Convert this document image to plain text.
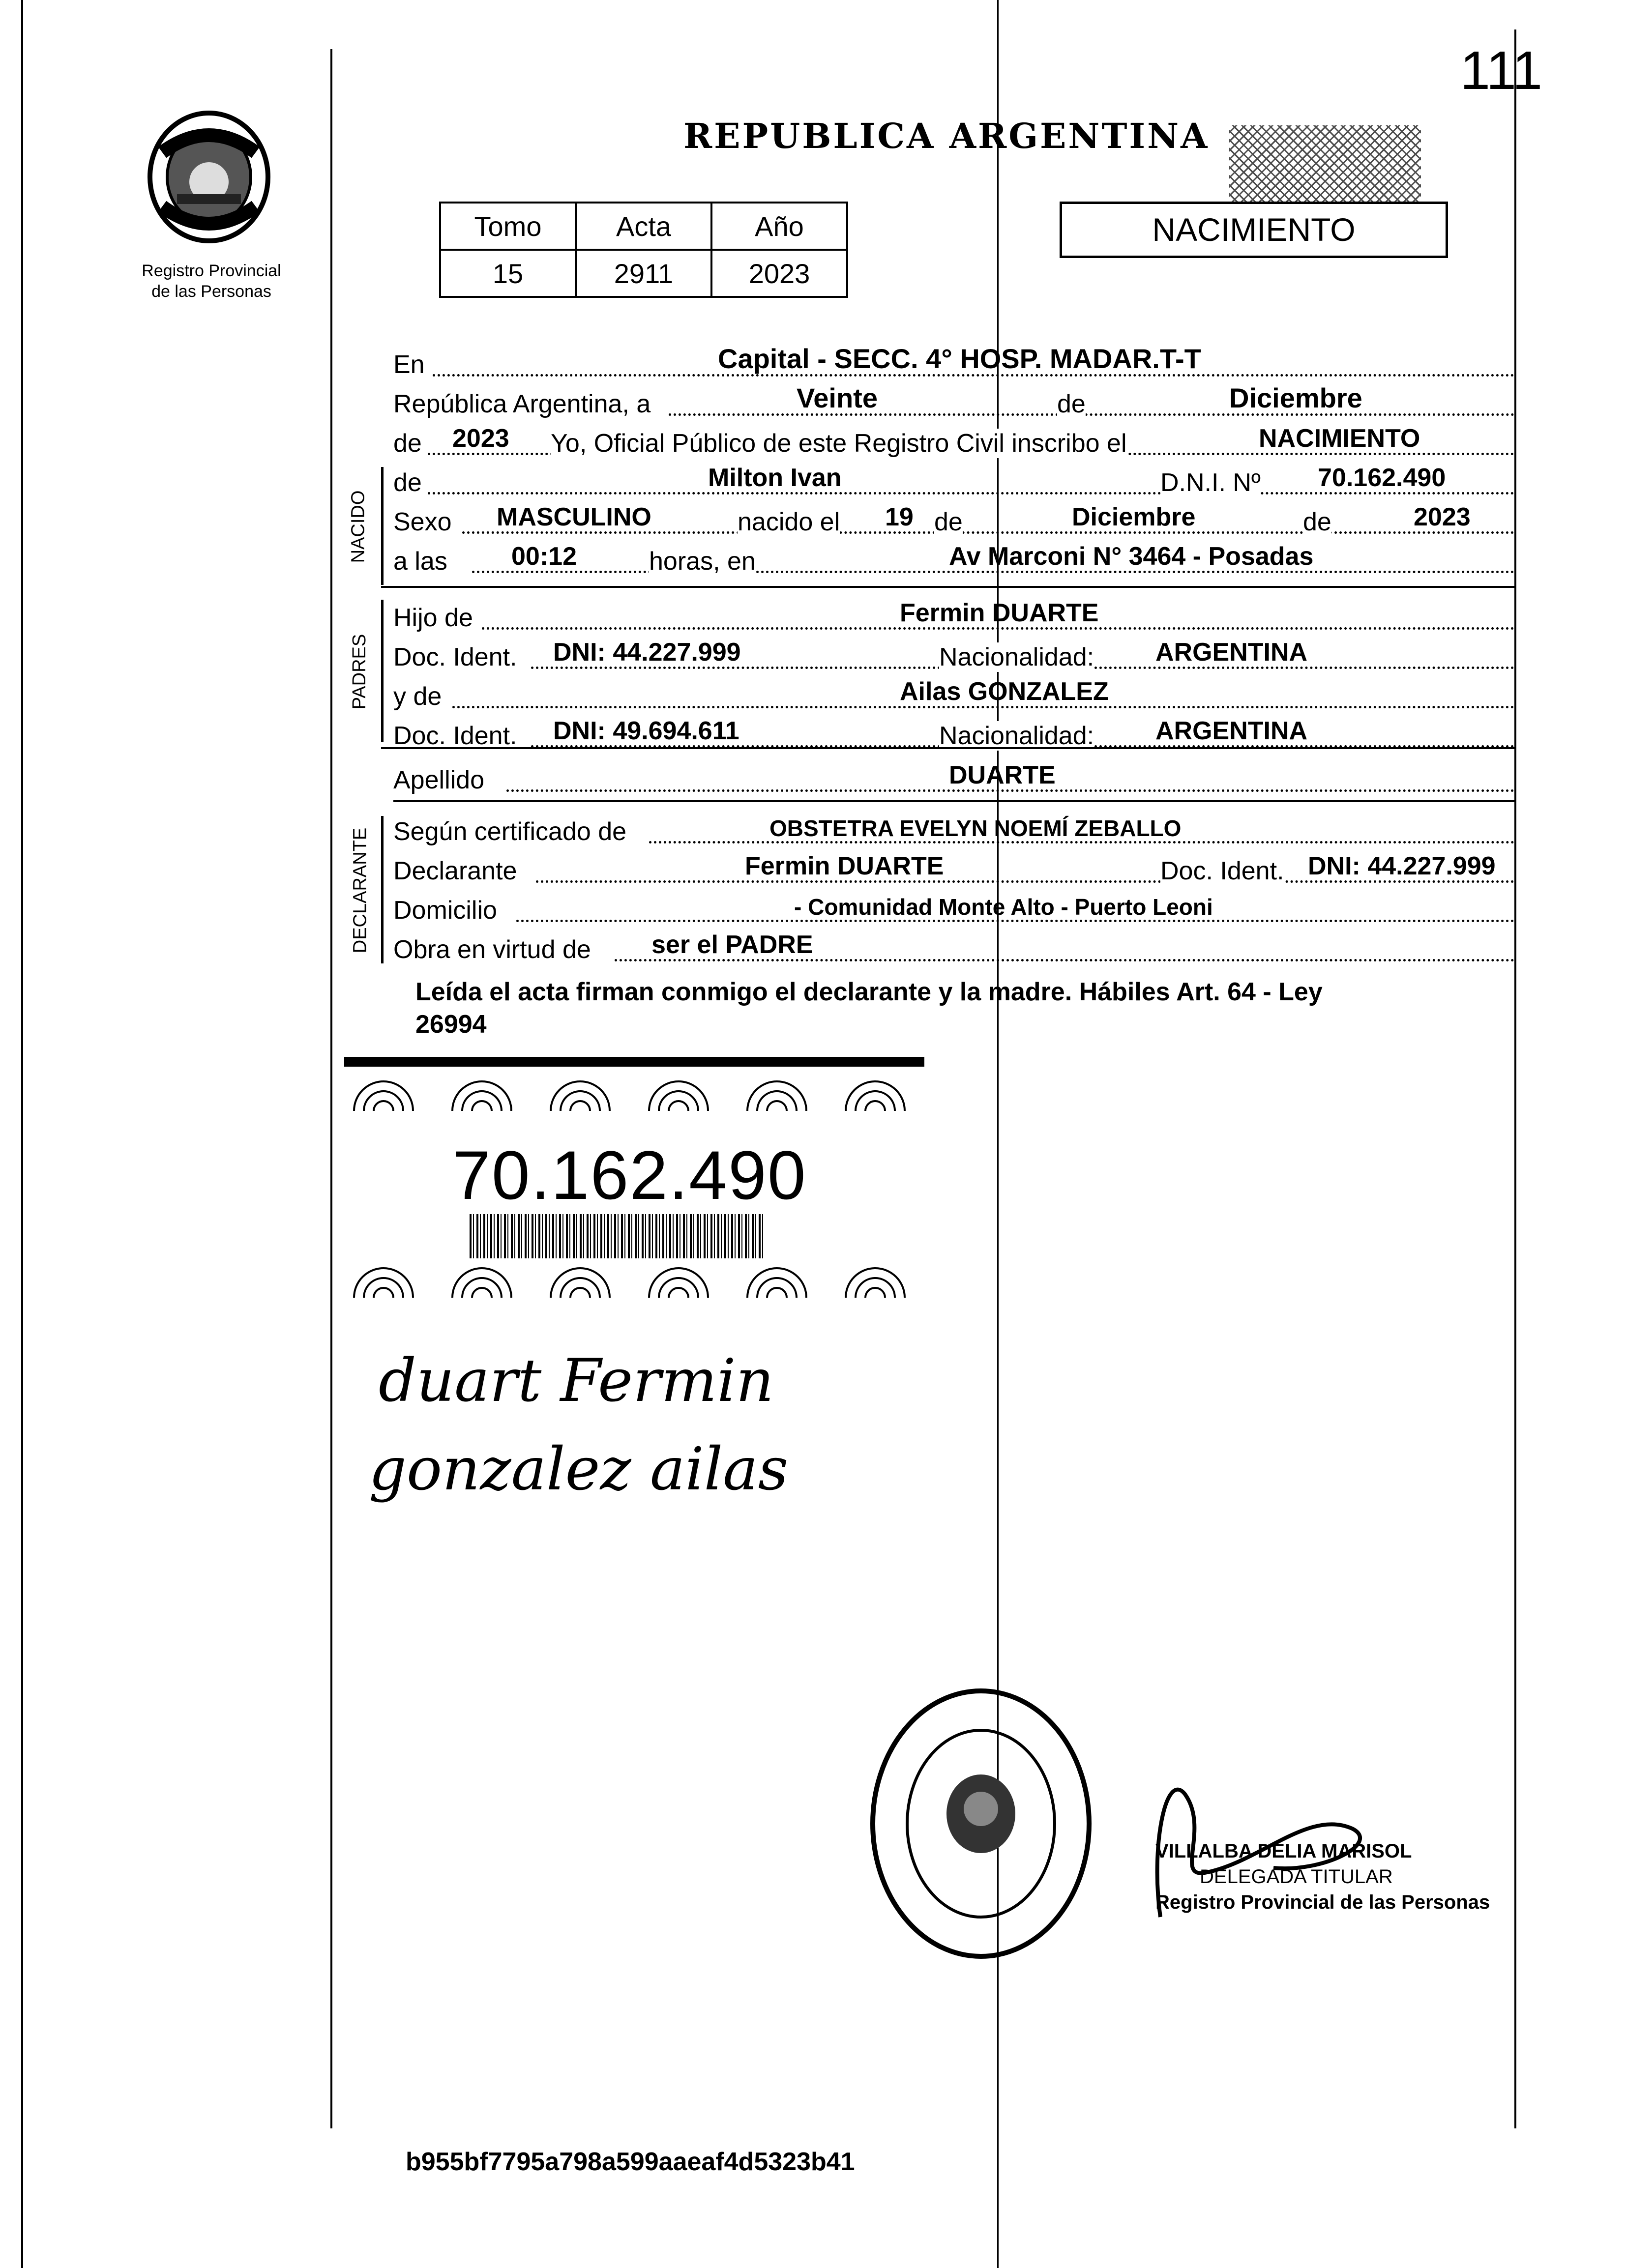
111
Registro Provincial
de las Personas
REPUBLICA ARGENTINA
Tomo	Acta	Año
15	2911	2023
NACIMIENTO
En	Capital - SECC. 4° HOSP. MADAR.T-T
República Argentina, a	Veinte	de	Diciembre
de 2023 Yo, Oficial Público de este Registro Civil inscribo el	NACIMIENTO
NACIDO
de	Milton Ivan	D.N.I. Nº 70.162.490
Sexo MASCULINO	nacido el 19 de	Diciembre	de	2023
a las	00:12	horas, en	Av Marconi N° 3464 - Posadas
PADRES
Hijo de	Fermin DUARTE
Doc. Ident. DNI: 44.227.999	Nacionalidad: ARGENTINA
y de	Ailas GONZALEZ
Doc. Ident. DNI: 49.694.611	Nacionalidad: ARGENTINA
Apellido	DUARTE
DECLARANTE Según certificado de	OBSTETRA EVELYN NOEMÍ ZEBALLO
Declarante	Fermin DUARTE	Doc. Ident. DNI: 44.227.999
Domicilio	- Comunidad Monte Alto - Puerto Leoni
Obra en virtud de ser el PADRE
Leída el acta firman conmigo el declarante y la madre. Hábiles Art. 64 - Ley
26994
70.162.490
duart Fermin
gonzalez ailas
VILLALBA DELIA MARISOL
DELEGADA TITULAR
Registro Provincial de las Personas
b955bf7795a798a599aaeaf4d5323b41
